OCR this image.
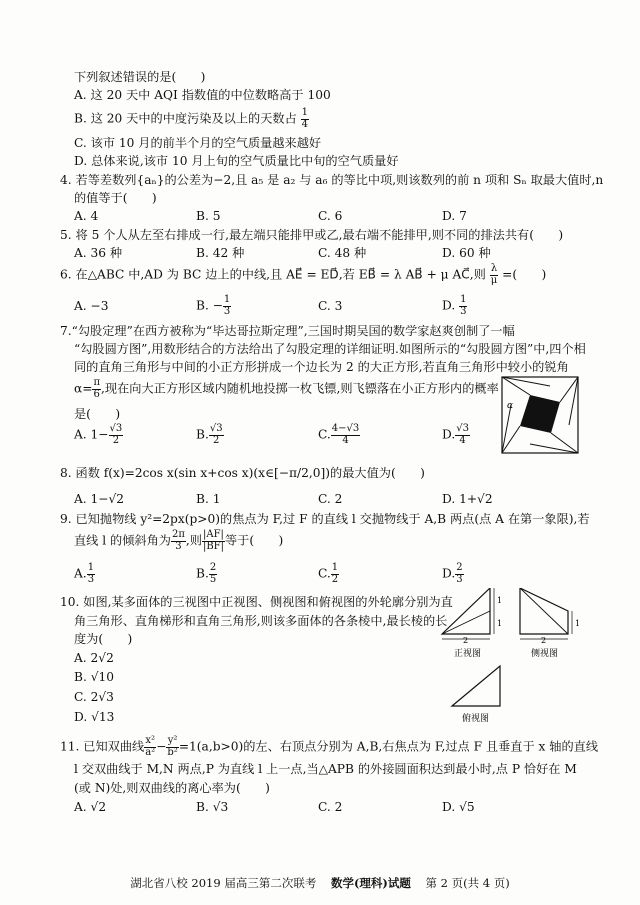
下列叙述错误的是(　　)
A. 这 20 天中 AQI 指数值的中位数略高于 100
B. 这 20 天中的中度污染及以上的天数占 $\frac{1}{4}$
C. 该市 10 月的前半个月的空气质量越来越好
D. 总体来说,该市 10 月上旬的空气质量比中旬的空气质量好
4. 若等差数列{aₙ}的公差为−2,且 a₅ 是 a₂ 与 a₆ 的等比中项,则该数列的前 n 项和 Sₙ 取最大值时,n
的值等于(　　)
A. 4	B. 5	C. 6	D. 7
5. 将 5 个人从左至右排成一行,最左端只能排甲或乙,最右端不能排甲,则不同的排法共有(　　)
A. 36 种	B. 42 种	C. 48 种	D. 60 种
6. 在△ABC 中,AD 为 BC 边上的中线,且 AE⃗ = ED⃗,若 EB⃗ = λ AB⃗ + μ AC⃗,则 $\frac{\lambda}{\mu}$ =(　　)
A. −3	B. − $\frac{1}{3}$	C. 3	D. $\frac{1}{3}$
7.“勾股定理”在西方被称为“毕达哥拉斯定理”,三国时期吴国的数学家赵爽创制了一幅
“勾股圆方图”,用数形结合的方法给出了勾股定理的详细证明.如图所示的“勾股圆方图”中,四个相
同的直角三角形与中间的小正方形拼成一个边长为 2 的大正方形,若直角三角形中较小的锐角
$\alpha= \frac{\pi}{6}$ ,现在向大正方形区域内随机地投掷一枚飞镖,则飞镖落在小正方形内的概率
是(　　)
A. $1- \frac{√3}{2}$	B. $\frac{√3}{2}$	C. $\frac{4-√3}{4}$	D. $\frac{√3}{4}$
α
8. 函数 f(x)=2cos x(sin x+cos x)(x∈[−π/2,0])的最大值为(　　)
A. 1−√2	B. 1	C. 2	D. 1+√2
9. 已知抛物线 y²=2px(p>0)的焦点为 F,过 F 的直线 l 交抛物线于 A,B 两点(点 A 在第一象限),若
直线 l 的倾斜角为 $\frac{2\pi}{3}$ ,则 $\frac{|AF|}{|BF|}$ 等于(　　)
A. $\frac{1}{3}$	B. $\frac{2}{5}$	C. $\frac{1}{2}$	D. $\frac{2}{3}$
10. 如图,某多面体的三视图中正视图、侧视图和俯视图的外轮廓分别为直
角三角形、直角梯形和直角三角形,则该多面体的各条棱中,最长棱的长
度为(　　)
A. 2√2
B. √10
C. 2√3
D. √13
1
1
2
正视图
1
2
侧视图
俯视图
11. 已知双曲线 $\frac{\text{x²}}{\text{a²}} - \frac{\text{y²}}{\text{b²}} =1(a,b>0)$的左、右顶点分别为 A,B,右焦点为 F,过点 F 且垂直于 x 轴的直线
l 交双曲线于 M,N 两点,P 为直线 l 上一点,当△APB 的外接圆面积达到最小时,点 P 恰好在 M
(或 N)处,则双曲线的离心率为(　　)
A. √2	B. √3	C. 2	D. √5
湖北省八校 2019 届高三第二次联考 数学(理科)试题 第 2 页(共 4 页)
